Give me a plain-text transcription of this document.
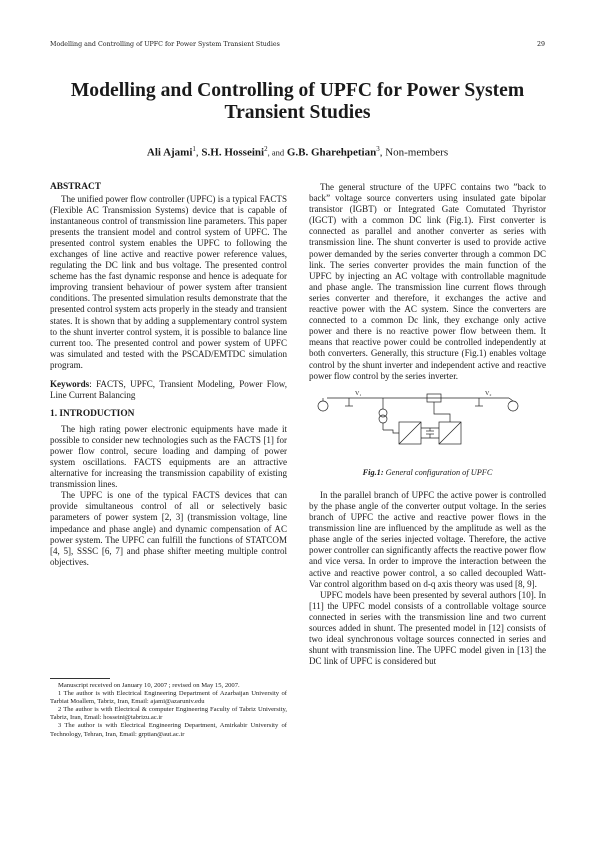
Modelling and Controlling of UPFC for Power System Transient Studies	29
Modelling and Controlling of UPFC for Power System Transient Studies
Ali Ajami$^1$, S.H. Hosseini$^2$, and G.B. Gharehpetian$^3$, Non-members
ABSTRACT

The unified power flow controller (UPFC) is a typical FACTS (Flexible AC Transmission Systems) device that is capable of instantaneous control of transmission line parameters. This paper presents the transient model and control system of UPFC. The presented control system enables the UPFC to following the exchanges of line active and reactive power reference values, regulating the DC link and bus voltage. The presented control scheme has the fast dynamic response and hence is adequate for improving transient behaviour of power system after transient conditions. The presented simulation results demonstrate that the presented control system acts properly in the steady and transient states. It is shown that by adding a supplementary control system to the shunt inverter control system, it is possible to balance line current too. The presented control and power system of UPFC was simulated and tested with the PSCAD/EMTDC simulation program.

Keywords: FACTS, UPFC, Transient Modeling, Power Flow, Line Current Balancing

1. INTRODUCTION

The high rating power electronic equipments have made it possible to consider new technologies such as the FACTS [1] for power flow control, secure loading and damping of power system oscillations. FACTS equipments are an attractive alternative for increasing the transmission capability of existing transmission lines.

The UPFC is one of the typical FACTS devices that can provide simultaneous control of all or selectively basic parameters of power system [2, 3] (transmission voltage, line impedance and phase angle) and dynamic compensation of AC power system. The UPFC can fulfill the functions of STATCOM [4, 5], SSSC [6, 7] and phase shifter meeting multiple control objectives.

Manuscript received on January 10, 2007 ; revised on May 15, 2007.

1 The author is with Electrical Engineering Department of Azarbaijan University of Tarbiat Moallem, Tabriz, Iran, Email: ajami@azaruniv.edu

2 The author is with Electrical & computer Engineering Faculty of Tabriz University, Tabriz, Iran, Email: hosseini@tabrizu.ac.ir

3 The author is with Electrical Engineering Department, Amirkabir University of Technology, Tehran, Iran, Email: grptian@aut.ac.ir

The general structure of the UPFC contains two ”back to back” voltage source converters using insulated gate bipolar transistor (IGBT) or Integrated Gate Comutated Thyristor (IGCT) with a common DC link (Fig.1). First converter is connected as parallel and another converter as series with transmission line. The shunt converter is used to provide active power demanded by the series converter through a common DC link. The series converter provides the main function of the UPFC by injecting an AC voltage with controllable magnitude and phase angle. The transmission line current flows through series converter and therefore, it exchanges the active and reactive power with the AC system. Since the converters are connected to a common Dc link, they exchange only active power and there is no reactive power flow between them. It means that reactive power could be controlled independently at both converters. Generally, this structure (Fig.1) enables voltage control by the shunt inverter and independent active and reactive power flow control by the series inverter.

V₁	V₂
Fig.1: General configuration of UPFC

In the parallel branch of UPFC the active power is controlled by the phase angle of the converter output voltage. In the series branch of UPFC the active and reactive power flows in the transmission line are influenced by the amplitude as well as the phase angle of the series injected voltage. Therefore, the active power controller can significantly affects the reactive power flow and vice versa. In order to improve the interaction between the active and reactive power control, a so called decoupled Watt-Var control algorithm based on d-q axis theory was used [8, 9].

UPFC models have been presented by several authors [10]. In [11] the UPFC model consists of a controllable voltage source connected in series with the transmission line and two current sources added in shunt. The presented model in [12] consists of two ideal synchronous voltage sources connected in series and shunt with transmission line. The UPFC model given in [13] the DC link of UPFC is considered but
